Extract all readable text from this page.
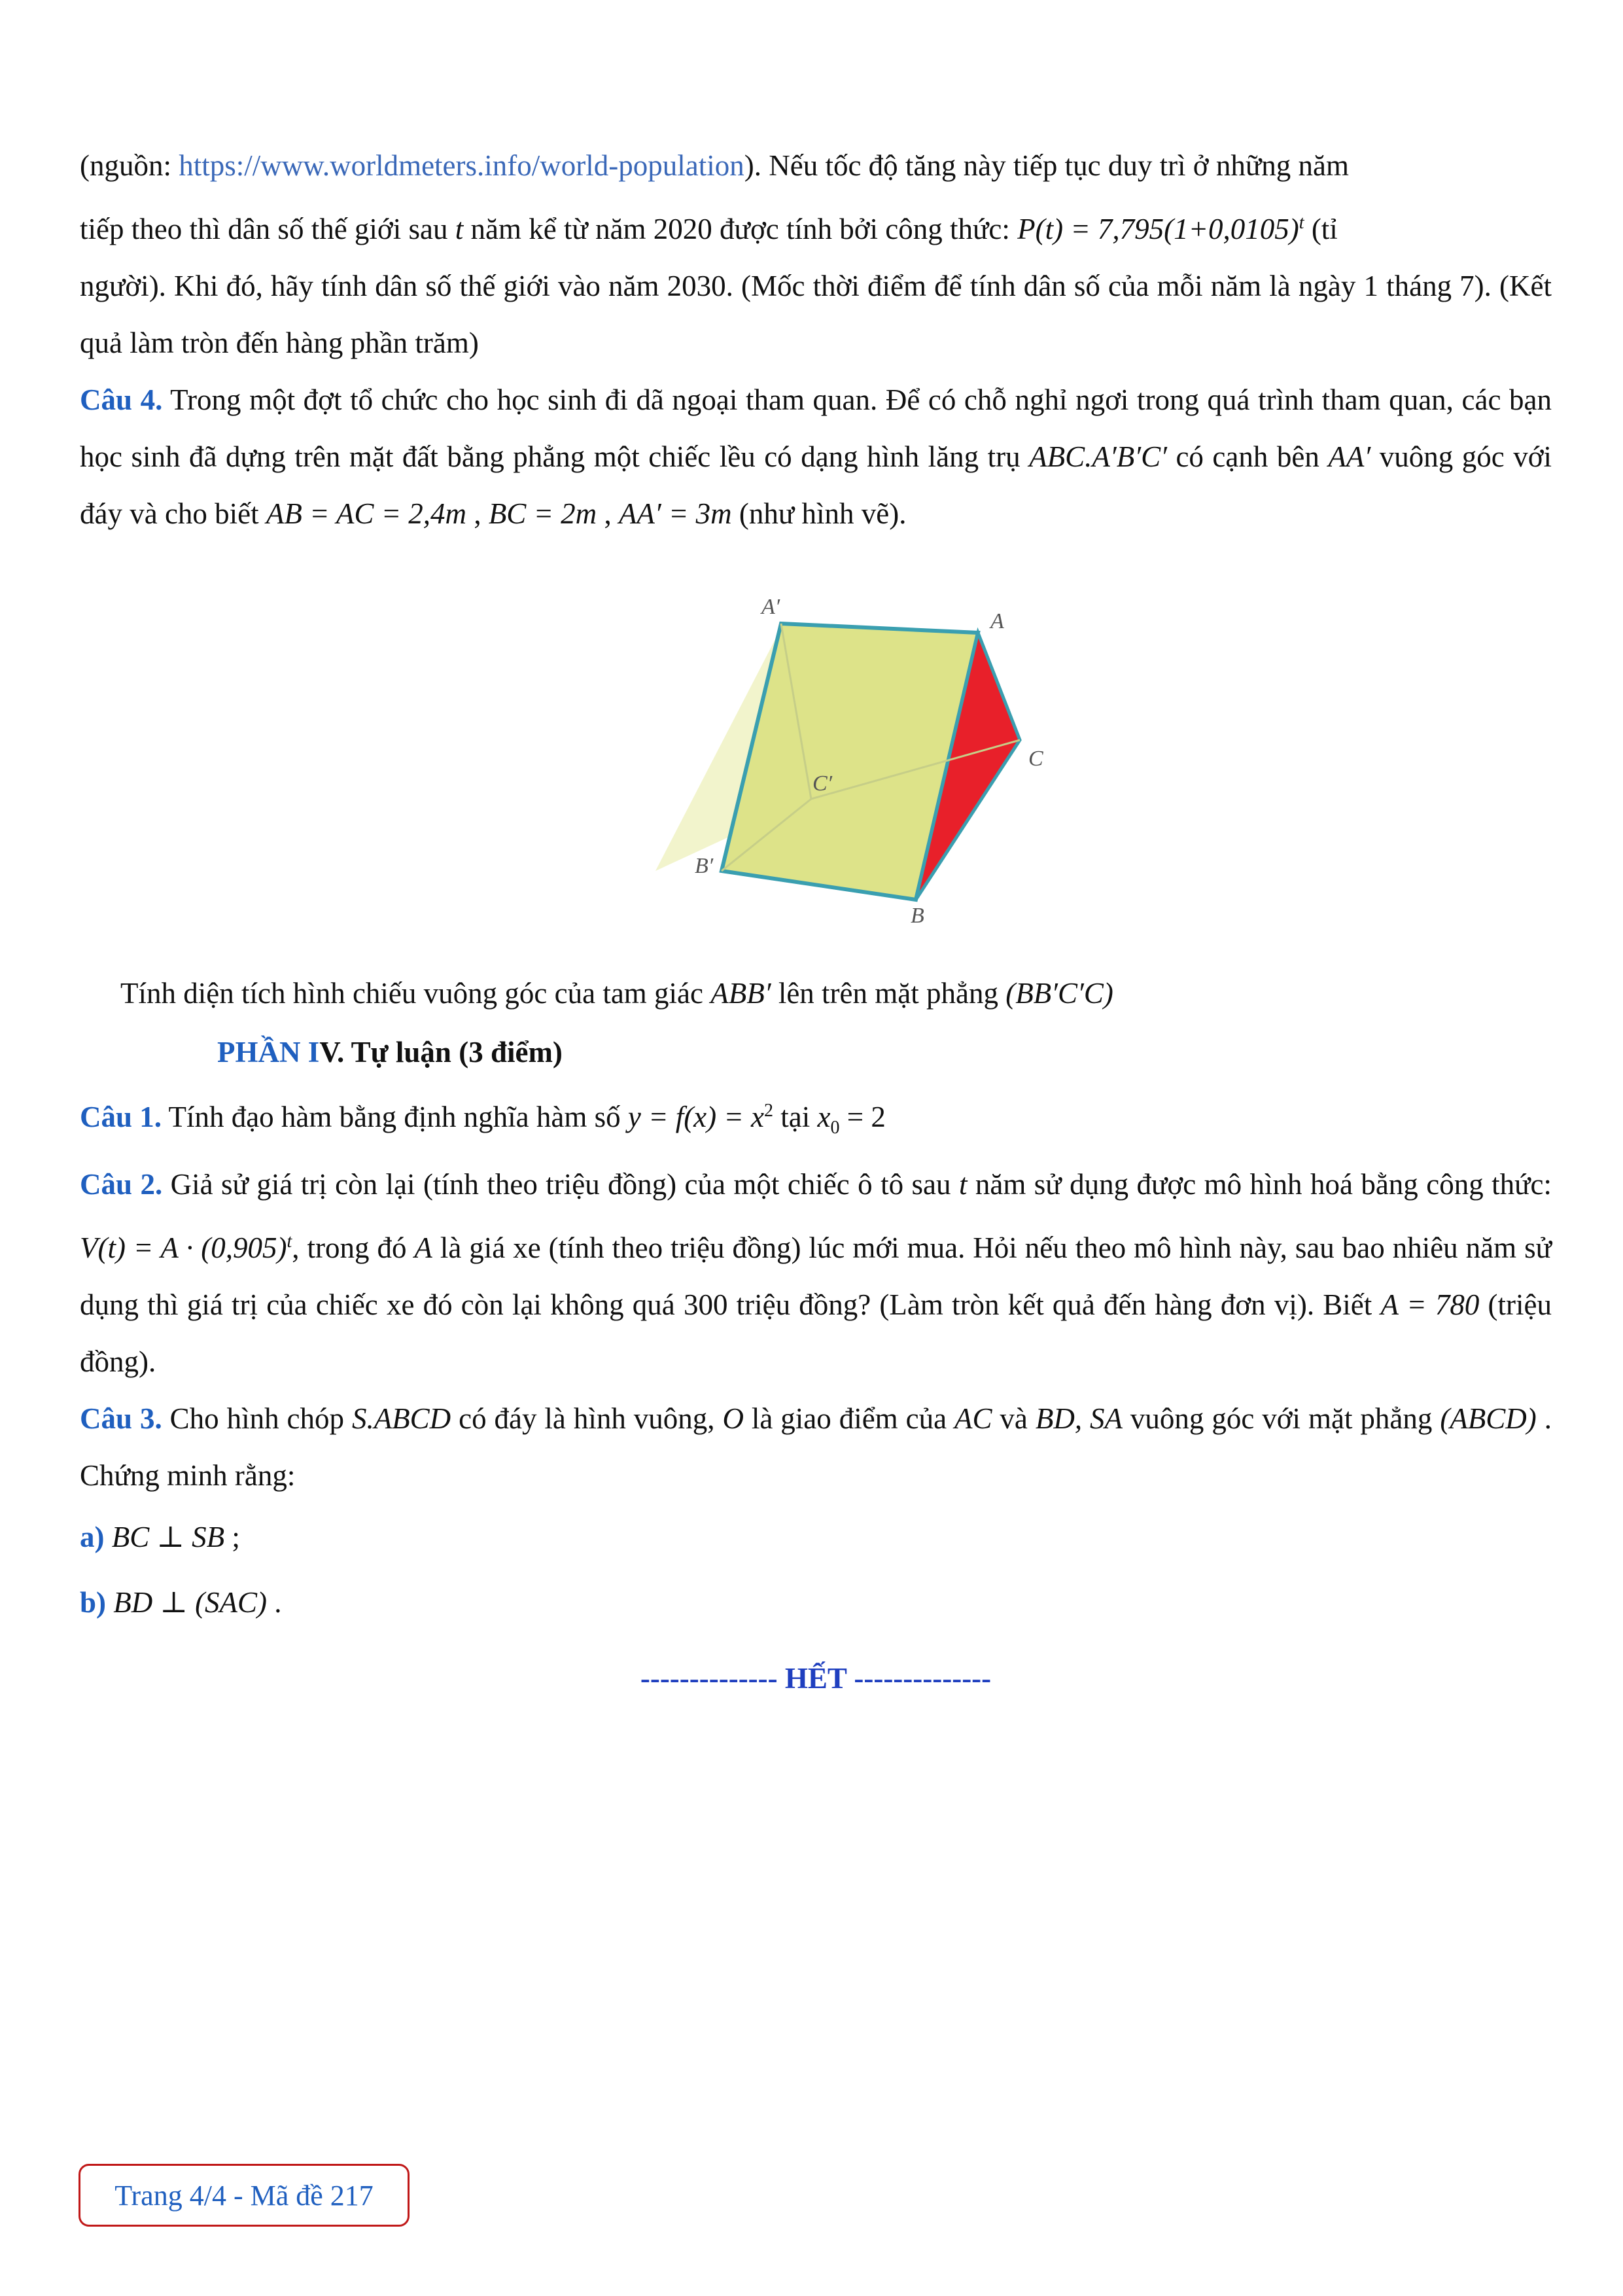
(nguồn: https://www.worldmeters.info/world-population). Nếu tốc độ tăng này tiếp tục duy trì ở những năm

tiếp theo thì dân số thế giới sau t năm kể từ năm 2020 được tính bởi công thức: $P(t) = 7,795(1+0,0105)^t$ (tỉ

người). Khi đó, hãy tính dân số thế giới vào năm 2030. (Mốc thời điểm để tính dân số của mỗi năm là ngày 1 tháng 7). (Kết quả làm tròn đến hàng phần trăm)

Câu 4. Trong một đợt tổ chức cho học sinh đi dã ngoại tham quan. Để có chỗ nghỉ ngơi trong quá trình tham quan, các bạn học sinh đã dựng trên mặt đất bằng phẳng một chiếc lều có dạng hình lăng trụ ABC.A′B′C′ có cạnh bên AA′ vuông góc với đáy và cho biết AB = AC = 2,4m , BC = 2m , AA′ = 3m (như hình vẽ).

A′
A
C′
C
B′
B

Tính diện tích hình chiếu vuông góc của tam giác ABB′ lên trên mặt phẳng (BB′C′C)

PHẦN IV. Tự luận (3 điểm)

Câu 1. Tính đạo hàm bằng định nghĩa hàm số $y = f(x) = x^2$ tại $x_0 = 2$

Câu 2. Giả sử giá trị còn lại (tính theo triệu đồng) của một chiếc ô tô sau t năm sử dụng được mô hình hoá bằng công thức: $V(t) = A \cdot (0,905)^t$, trong đó A là giá xe (tính theo triệu đồng) lúc mới mua. Hỏi nếu theo mô hình này, sau bao nhiêu năm sử dụng thì giá trị của chiếc xe đó còn lại không quá 300 triệu đồng? (Làm tròn kết quả đến hàng đơn vị). Biết A = 780 (triệu đồng).

Câu 3. Cho hình chóp S.ABCD có đáy là hình vuông, O là giao điểm của AC và BD, SA vuông góc với mặt phẳng (ABCD) . Chứng minh rằng:

a) BC ⊥ SB ;

b) BD ⊥ (SAC) .

-------------- HẾT --------------

Trang 4/4 - Mã đề 217
